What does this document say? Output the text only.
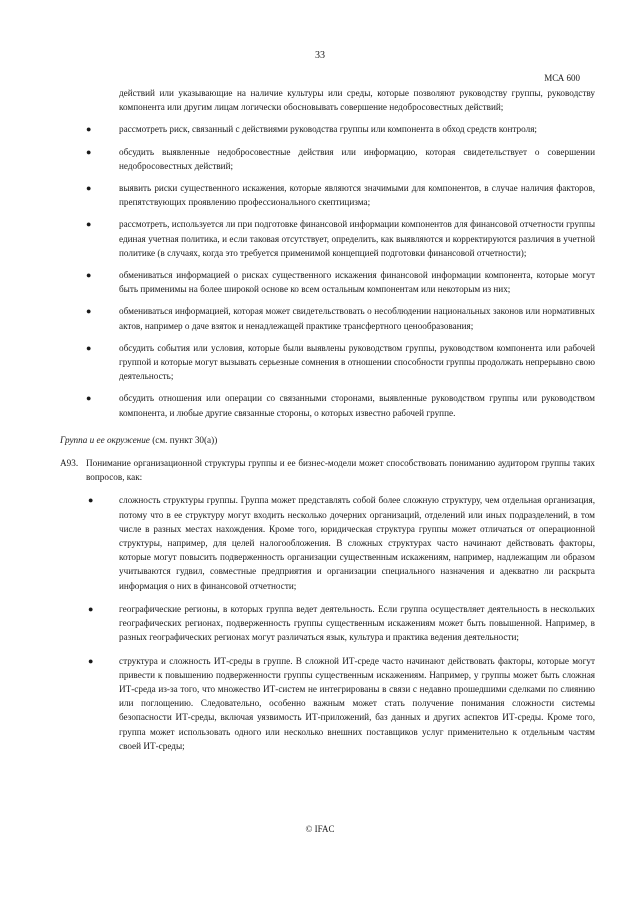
33
МСА 600

действий или указывающие на наличие культуры или среды, которые позволяют руководству группы, руководству компонента или другим лицам логически обосновывать совершение недобросовестных действий;

●	рассмотреть риск, связанный с действиями руководства группы или компонента в обход средств контроля;
●	обсудить выявленные недобросовестные действия или информацию, которая свидетельствует о совершении недобросовестных действий;
●	выявить риски существенного искажения, которые являются значимыми для компонентов, в случае наличия факторов, препятствующих проявлению профессионального скептицизма;
●	рассмотреть, используется ли при подготовке финансовой информации компонентов для финансовой отчетности группы единая учетная политика, и если таковая отсутствует, определить, как выявляются и корректируются различия в учетной политике (в случаях, когда это требуется применимой концепцией подготовки финансовой отчетности);
●	обмениваться информацией о рисках существенного искажения финансовой информации компонента, которые могут быть применимы на более широкой основе ко всем остальным компонентам или некоторым из них;
●	обмениваться информацией, которая может свидетельствовать о несоблюдении национальных законов или нормативных актов, например о даче взяток и ненадлежащей практике трансфертного ценообразования;
●	обсудить события или условия, которые были выявлены руководством группы, руководством компонента или рабочей группой и которые могут вызывать серьезные сомнения в отношении способности группы продолжать непрерывно свою деятельность;
●	обсудить отношения или операции со связанными сторонами, выявленные руководством группы или руководством компонента, и любые другие связанные стороны, о которых известно рабочей группе.

Группа и ее окружение (см. пункт 30(а))

A93. Понимание организационной структуры группы и ее бизнес-модели может способствовать пониманию аудитором группы таких вопросов, как:

●	сложность структуры группы. Группа может представлять собой более сложную структуру, чем отдельная организация, потому что в ее структуру могут входить несколько дочерних организаций, отделений или иных подразделений, в том числе в разных местах нахождения. Кроме того, юридическая структура группы может отличаться от операционной структуры, например, для целей налогообложения. В сложных структурах часто начинают действовать факторы, которые могут повысить подверженность организации существенным искажениям, например, надлежащим ли образом учитываются гудвил, совместные предприятия и организации специального назначения и адекватно ли раскрыта информация о них в финансовой отчетности;
●	географические регионы, в которых группа ведет деятельность. Если группа осуществляет деятельность в нескольких географических регионах, подверженность группы существенным искажениям может быть повышенной. Например, в разных географических регионах могут различаться язык, культура и практика ведения деятельности;
●	структура и сложность ИТ-среды в группе. В сложной ИТ-среде часто начинают действовать факторы, которые могут привести к повышению подверженности группы существенным искажениям. Например, у группы может быть сложная ИТ-среда из-за того, что множество ИТ-систем не интегрированы в связи с недавно прошедшими сделками по слиянию или поглощению. Следовательно, особенно важным может стать получение понимания сложности системы безопасности ИТ-среды, включая уязвимость ИТ-приложений, баз данных и других аспектов ИТ-среды. Кроме того, группа может использовать одного или несколько внешних поставщиков услуг применительно к отдельным частям своей ИТ-среды;
© IFAC
